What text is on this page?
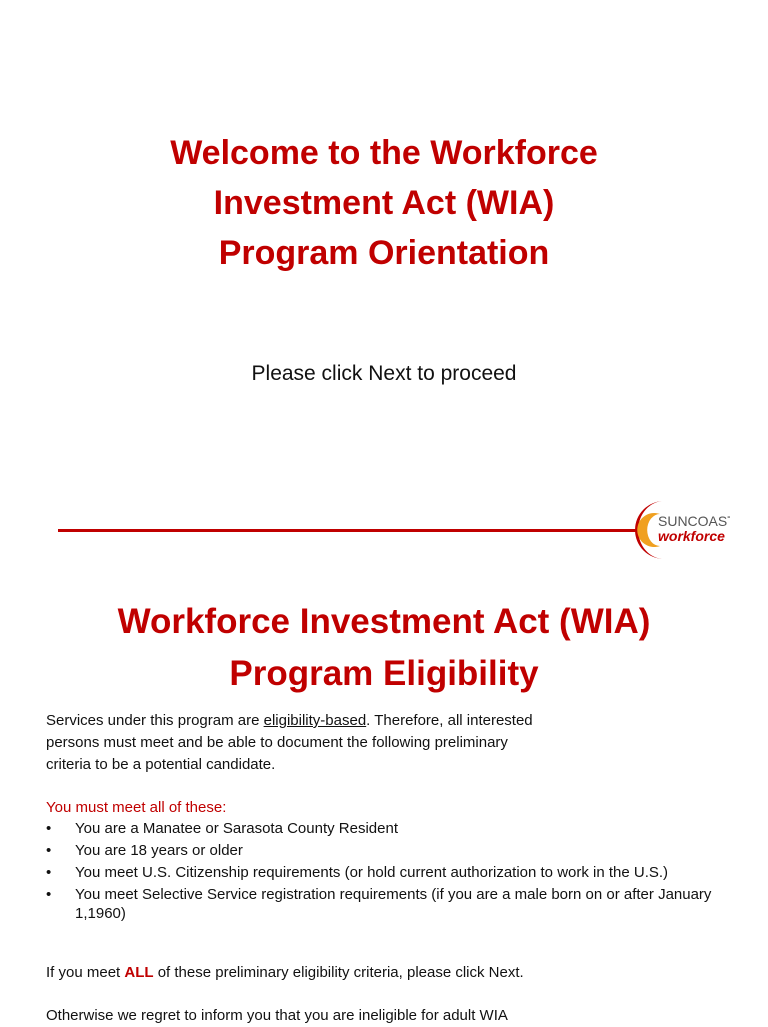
Welcome to the Workforce
Investment Act (WIA)
Program Orientation
Please click Next to proceed
SUNCOAST
workforce
Workforce Investment Act (WIA)
Program Eligibility
Services under this program are eligibility-based. Therefore, all interested
persons must meet and be able to document the following preliminary
criteria to be a potential candidate.
You must meet all of these:
• You are a Manatee or Sarasota County Resident
• You are 18 years or older
• You meet U.S. Citizenship requirements (or hold current authorization to work in the U.S.)
• You meet Selective Service registration requirements (if you are a male born on or after January 1,1960)
If you meet ALL of these preliminary eligibility criteria, please click Next.
Otherwise we regret to inform you that you are ineligible for adult WIA
